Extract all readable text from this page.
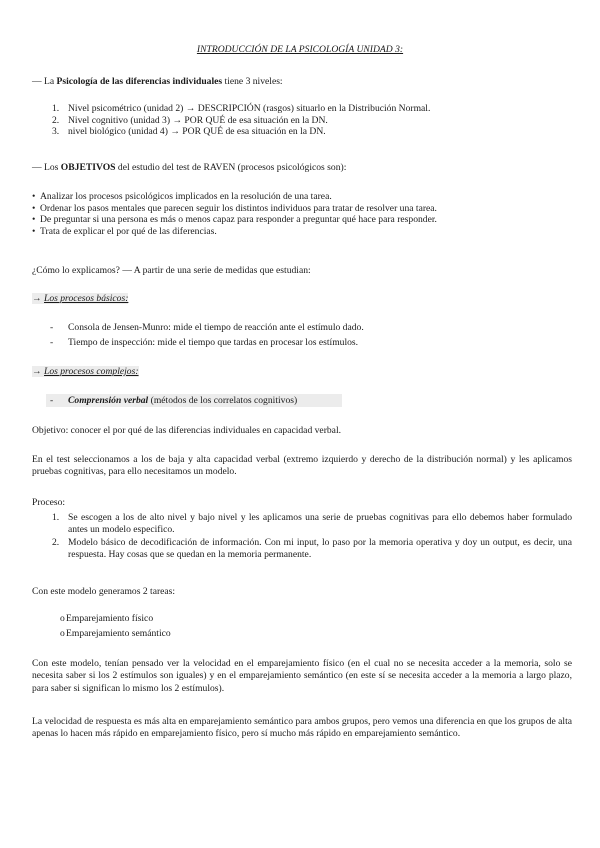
INTRODUCCIÓN DE LA PSICOLOGÍA UNIDAD 3:

— La Psicología de las diferencias individuales tiene 3 niveles:

1. Nivel psicométrico (unidad 2) → DESCRIPCIÓN (rasgos) situarlo en la Distribución Normal.
2. Nivel cognitivo (unidad 3) → POR QUÉ de esa situación en la DN.
3. nivel biológico (unidad 4) → POR QUÉ de esa situación en la DN.

— Los OBJETIVOS del estudio del test de RAVEN (procesos psicológicos son):

• Analizar los procesos psicológicos implicados en la resolución de una tarea.
• Ordenar los pasos mentales que parecen seguir los distintos individuos para tratar de resolver una tarea.
• De preguntar si una persona es más o menos capaz para responder a preguntar qué hace para responder.
• Trata de explicar el por qué de las diferencias.

¿Cómo lo explicamos? — A partir de una serie de medidas que estudian:

→ Los procesos básicos:

- Consola de Jensen-Munro: mide el tiempo de reacción ante el estímulo dado.
- Tiempo de inspección: mide el tiempo que tardas en procesar los estímulos.

→ Los procesos complejos:

- Comprensión verbal (métodos de los correlatos cognitivos)

Objetivo: conocer el por qué de las diferencias individuales en capacidad verbal.

En el test seleccionamos a los de baja y alta capacidad verbal (extremo izquierdo y derecho de la distribución normal) y les aplicamos pruebas cognitivas, para ello necesitamos un modelo.

Proceso:

1. Se escogen a los de alto nivel y bajo nivel y les aplicamos una serie de pruebas cognitivas para ello debemos haber formulado antes un modelo especifico.
2. Modelo básico de decodificación de información. Con mi input, lo paso por la memoria operativa y doy un output, es decir, una respuesta. Hay cosas que se quedan en la memoria permanente.

Con este modelo generamos 2 tareas:

o Emparejamiento físico
o Emparejamiento semántico

Con este modelo, tenían pensado ver la velocidad en el emparejamiento físico (en el cual no se necesita acceder a la memoria, solo se necesita saber si los 2 estímulos son iguales) y en el emparejamiento semántico (en este sí se necesita acceder a la memoria a largo plazo, para saber si significan lo mismo los 2 estímulos).

La velocidad de respuesta es más alta en emparejamiento semántico para ambos grupos, pero vemos una diferencia en que los grupos de alta apenas lo hacen más rápido en emparejamiento físico, pero sí mucho más rápido en emparejamiento semántico.
